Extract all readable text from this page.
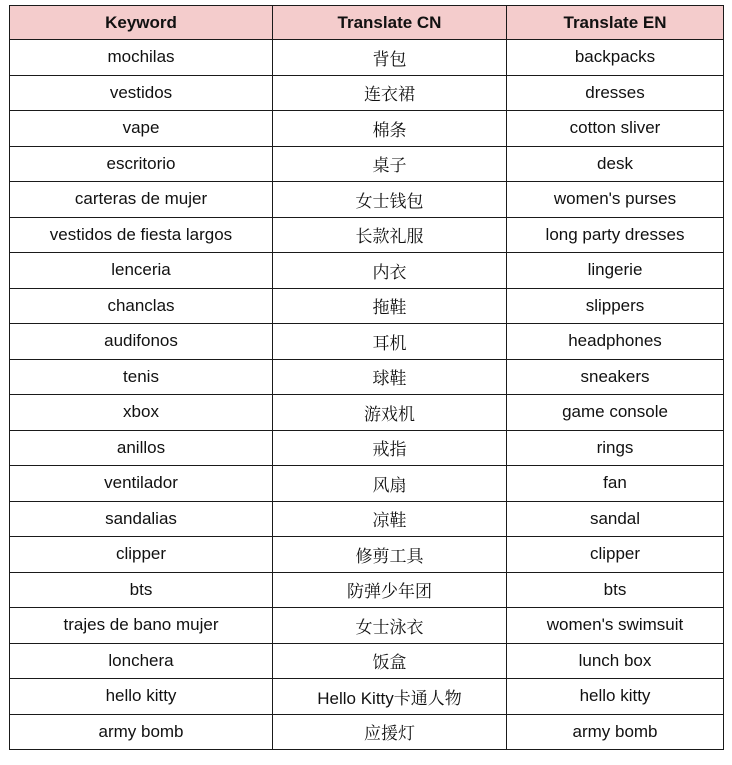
Keyword	Translate CN	Translate EN
mochilas	背包	backpacks
vestidos	连衣裙	dresses
vape	棉条	cotton sliver
escritorio	桌子	desk
carteras de mujer	女士钱包	women's purses
vestidos de fiesta largos	长款礼服	long party dresses
lenceria	内衣	lingerie
chanclas	拖鞋	slippers
audifonos	耳机	headphones
tenis	球鞋	sneakers
xbox	游戏机	game console
anillos	戒指	rings
ventilador	风扇	fan
sandalias	凉鞋	sandal
clipper	修剪工具	clipper
bts	防弹少年团	bts
trajes de bano mujer	女士泳衣	women's swimsuit
lonchera	饭盒	lunch box
hello kitty	Hello Kitty卡通人物	hello kitty
army bomb	应援灯	army bomb
